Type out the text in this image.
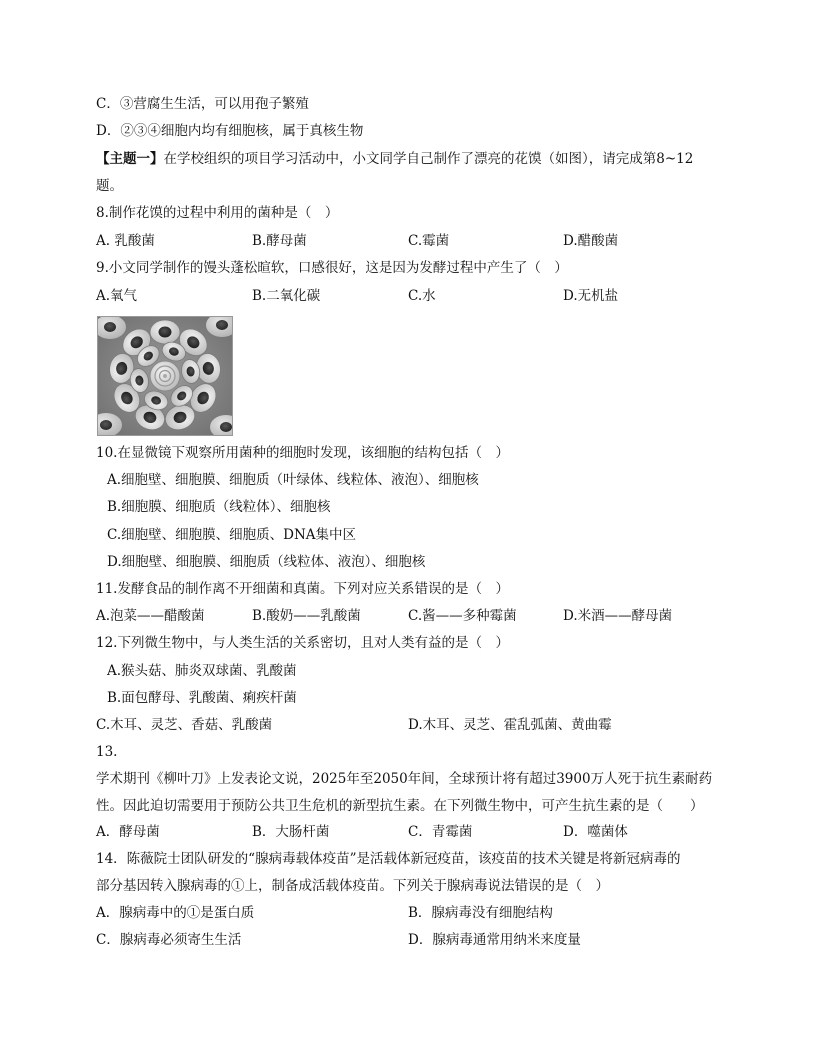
C．③营腐生生活，可以用孢子繁殖
D．②③④细胞内均有细胞核，属于真核生物
【主题一】在学校组织的项目学习活动中，小文同学自己制作了漂亮的花馍（如图），请完成第8~12
题。
8.制作花馍的过程中利用的菌种是（　）
A. 乳酸菌	B.酵母菌	C.霉菌	D.醋酸菌
9.小文同学制作的馒头蓬松暄软，口感很好，这是因为发酵过程中产生了（　）
A.氧气	B.二氧化碳	C.水	D.无机盐
10.在显微镜下观察所用菌种的细胞时发现，该细胞的结构包括（　）
A.细胞壁、细胞膜、细胞质（叶绿体、线粒体、液泡）、细胞核
B.细胞膜、细胞质（线粒体）、细胞核
C.细胞壁、细胞膜、细胞质、DNA集中区
D.细胞壁、细胞膜、细胞质（线粒体、液泡）、细胞核
11.发酵食品的制作离不开细菌和真菌。下列对应关系错误的是（　）
A.泡菜——醋酸菌	B.酸奶——乳酸菌	C.酱——多种霉菌	D.米酒——酵母菌
12.下列微生物中，与人类生活的关系密切，且对人类有益的是（　）
A.猴头菇、肺炎双球菌、乳酸菌
B.面包酵母、乳酸菌、痢疾杆菌
C.木耳、灵芝、香菇、乳酸菌	D.木耳、灵芝、霍乱弧菌、黄曲霉
13.
学术期刊《柳叶刀》上发表论文说，2025年至2050年间，全球预计将有超过3900万人死于抗生素耐药
性。因此迫切需要用于预防公共卫生危机的新型抗生素。在下列微生物中，可产生抗生素的是（　　）
A．酵母菌	B．大肠杆菌	C．青霉菌	D．噬菌体
14．陈薇院士团队研发的“腺病毒载体疫苗”是活载体新冠疫苗，该疫苗的技术关键是将新冠病毒的
部分基因转入腺病毒的①上，制备成活载体疫苗。下列关于腺病毒说法错误的是（　）
A．腺病毒中的①是蛋白质	B．腺病毒没有细胞结构
C．腺病毒必须寄生生活	D．腺病毒通常用纳米来度量
